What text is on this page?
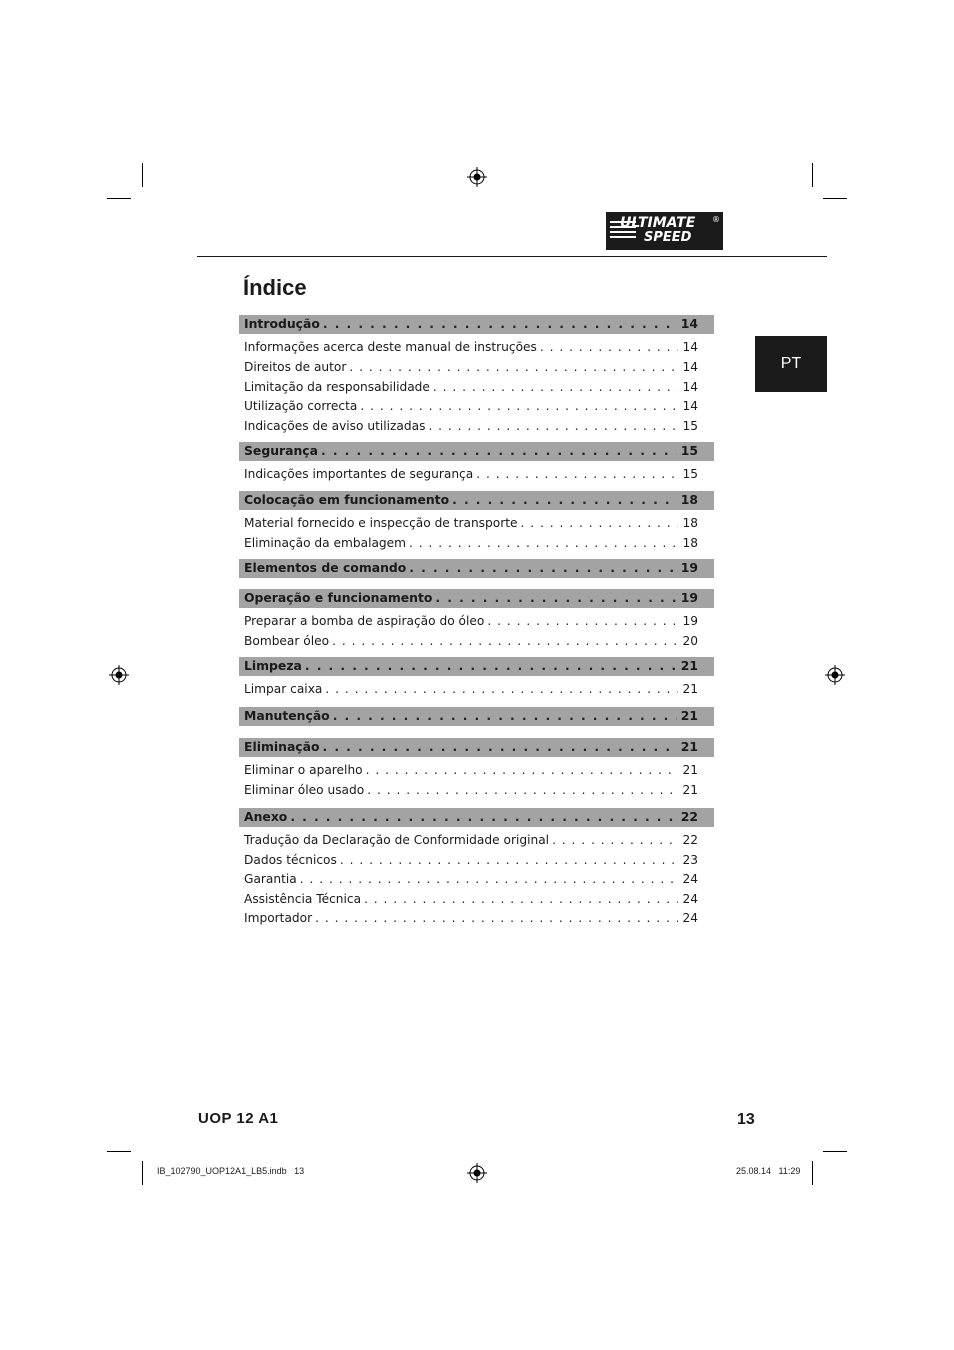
ULTIMATE
SPEED
®
Índice
PT
Introdução . . .	14
Informações acerca deste manual de instruções . . .	14
Direitos de autor . . .	14
Limitação da responsabilidade . . .	14
Utilização correcta . . .	14
Indicações de aviso utilizadas . . .	15
Segurança . . .	15
Indicações importantes de segurança . . .	15
Colocação em funcionamento . . .	18
Material fornecido e inspecção de transporte . . .	18
Eliminação da embalagem . . .	18
Elementos de comando . . .	19
Operação e funcionamento . . .	19
Preparar a bomba de aspiração do óleo . . .	19
Bombear óleo . . .	20
Limpeza . . .	21
Limpar caixa . . .	21
Manutenção . . .	21
Eliminação . . .	21
Eliminar o aparelho . . .	21
Eliminar óleo usado . . .	21
Anexo . . .	22
Tradução da Declaração de Conformidade original . . .	22
Dados técnicos . . .	23
Garantia . . .	24
Assistência Técnica . . .	24
Importador . . .	24
UOP 12 A1	13
IB_102790_UOP12A1_LB5.indb   13	25.08.14   11:29
